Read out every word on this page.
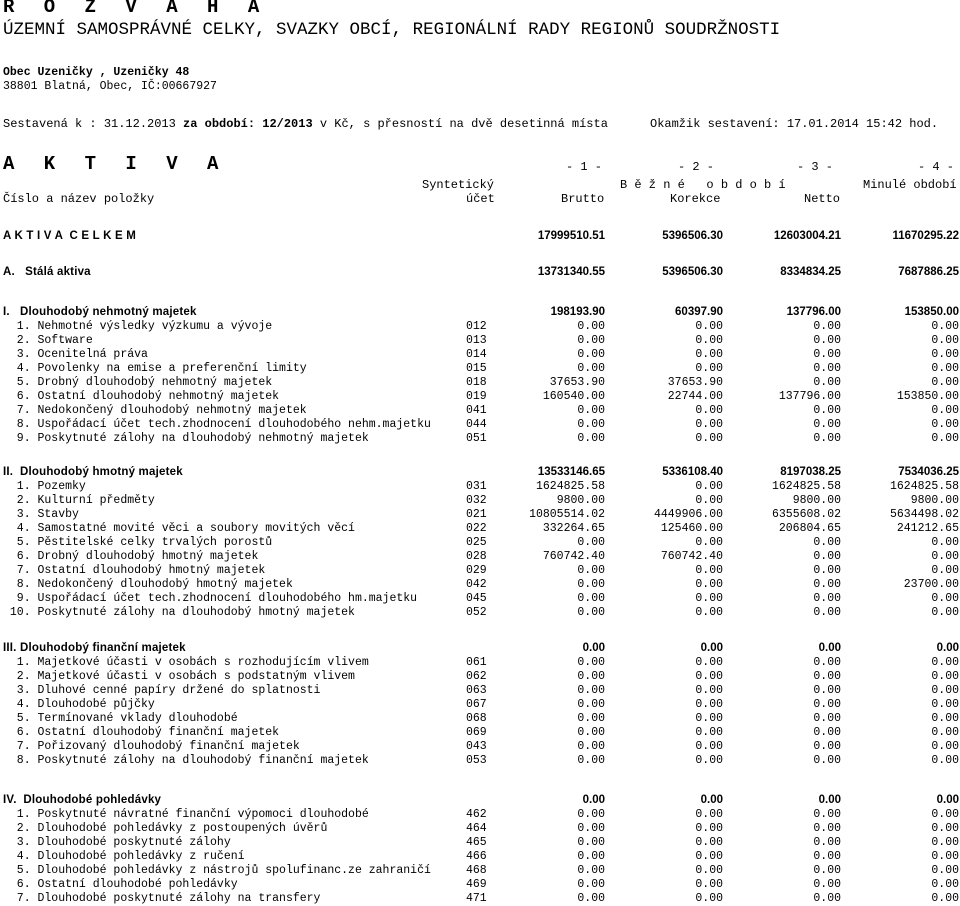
R O Z V A H A
ÚZEMNÍ SAMOSPRÁVNÉ CELKY, SVAZKY OBCÍ, REGIONÁLNÍ RADY REGIONŮ SOUDRŽNOSTI
Obec Uzeničky , Uzeničky 48
38801 Blatná, Obec, IČ:00667927
Sestavená k : 31.12.2013 za období: 12/2013 v Kč, s přesností na dvě desetinná místa	Okamžik sestavení: 17.01.2014 15:42 hod.
A K T I V A	- 1 -	- 2 -	- 3 -	- 4 -
Syntetický	B ě ž n é   o b d o b í	Minulé období
Číslo a název položky	účet	Brutto	Korekce	Netto
A K T I V A  C E L K E M	17999510.51	5396506.30	12603004.21	11670295.22
A.   Stálá aktiva	13731340.55	5396506.30	8334834.25	7687886.25
I.   Dlouhodobý nehmotný majetek	198193.90	60397.90	137796.00	153850.00
1. Nehmotné výsledky výzkumu a vývoje	012	0.00	0.00	0.00	0.00
2. Software	013	0.00	0.00	0.00	0.00
3. Ocenitelná práva	014	0.00	0.00	0.00	0.00
4. Povolenky na emise a preferenční limity	015	0.00	0.00	0.00	0.00
5. Drobný dlouhodobý nehmotný majetek	018	37653.90	37653.90	0.00	0.00
6. Ostatní dlouhodobý nehmotný majetek	019	160540.00	22744.00	137796.00	153850.00
7. Nedokončený dlouhodobý nehmotný majetek	041	0.00	0.00	0.00	0.00
8. Uspořádací účet tech.zhodnocení dlouhodobého nehm.majetku	044	0.00	0.00	0.00	0.00
9. Poskytnuté zálohy na dlouhodobý nehmotný majetek	051	0.00	0.00	0.00	0.00
II.  Dlouhodobý hmotný majetek	13533146.65	5336108.40	8197038.25	7534036.25
1. Pozemky	031	1624825.58	0.00	1624825.58	1624825.58
2. Kulturní předměty	032	9800.00	0.00	9800.00	9800.00
3. Stavby	021	10805514.02	4449906.00	6355608.02	5634498.02
4. Samostatné movité věci a soubory movitých věcí	022	332264.65	125460.00	206804.65	241212.65
5. Pěstitelské celky trvalých porostů	025	0.00	0.00	0.00	0.00
6. Drobný dlouhodobý hmotný majetek	028	760742.40	760742.40	0.00	0.00
7. Ostatní dlouhodobý hmotný majetek	029	0.00	0.00	0.00	0.00
8. Nedokončený dlouhodobý hmotný majetek	042	0.00	0.00	0.00	23700.00
9. Uspořádací účet tech.zhodnocení dlouhodobého hm.majetku	045	0.00	0.00	0.00	0.00
10. Poskytnuté zálohy na dlouhodobý hmotný majetek	052	0.00	0.00	0.00	0.00
III. Dlouhodobý finanční majetek	0.00	0.00	0.00	0.00
1. Majetkové účasti v osobách s rozhodujícím vlivem	061	0.00	0.00	0.00	0.00
2. Majetkové účasti v osobách s podstatným vlivem	062	0.00	0.00	0.00	0.00
3. Dluhové cenné papíry držené do splatnosti	063	0.00	0.00	0.00	0.00
4. Dlouhodobé půjčky	067	0.00	0.00	0.00	0.00
5. Termínované vklady dlouhodobé	068	0.00	0.00	0.00	0.00
6. Ostatní dlouhodobý finanční majetek	069	0.00	0.00	0.00	0.00
7. Pořizovaný dlouhodobý finanční majetek	043	0.00	0.00	0.00	0.00
8. Poskytnuté zálohy na dlouhodobý finanční majetek	053	0.00	0.00	0.00	0.00
IV.  Dlouhodobé pohledávky	0.00	0.00	0.00	0.00
1. Poskytnuté návratné finanční výpomoci dlouhodobé	462	0.00	0.00	0.00	0.00
2. Dlouhodobé pohledávky z postoupených úvěrů	464	0.00	0.00	0.00	0.00
3. Dlouhodobé poskytnuté zálohy	465	0.00	0.00	0.00	0.00
4. Dlouhodobé pohledávky z ručení	466	0.00	0.00	0.00	0.00
5. Dlouhodobé pohledávky z nástrojů spolufinanc.ze zahraničí	468	0.00	0.00	0.00	0.00
6. Ostatní dlouhodobé pohledávky	469	0.00	0.00	0.00	0.00
7. Dlouhodobé poskytnuté zálohy na transfery	471	0.00	0.00	0.00	0.00
